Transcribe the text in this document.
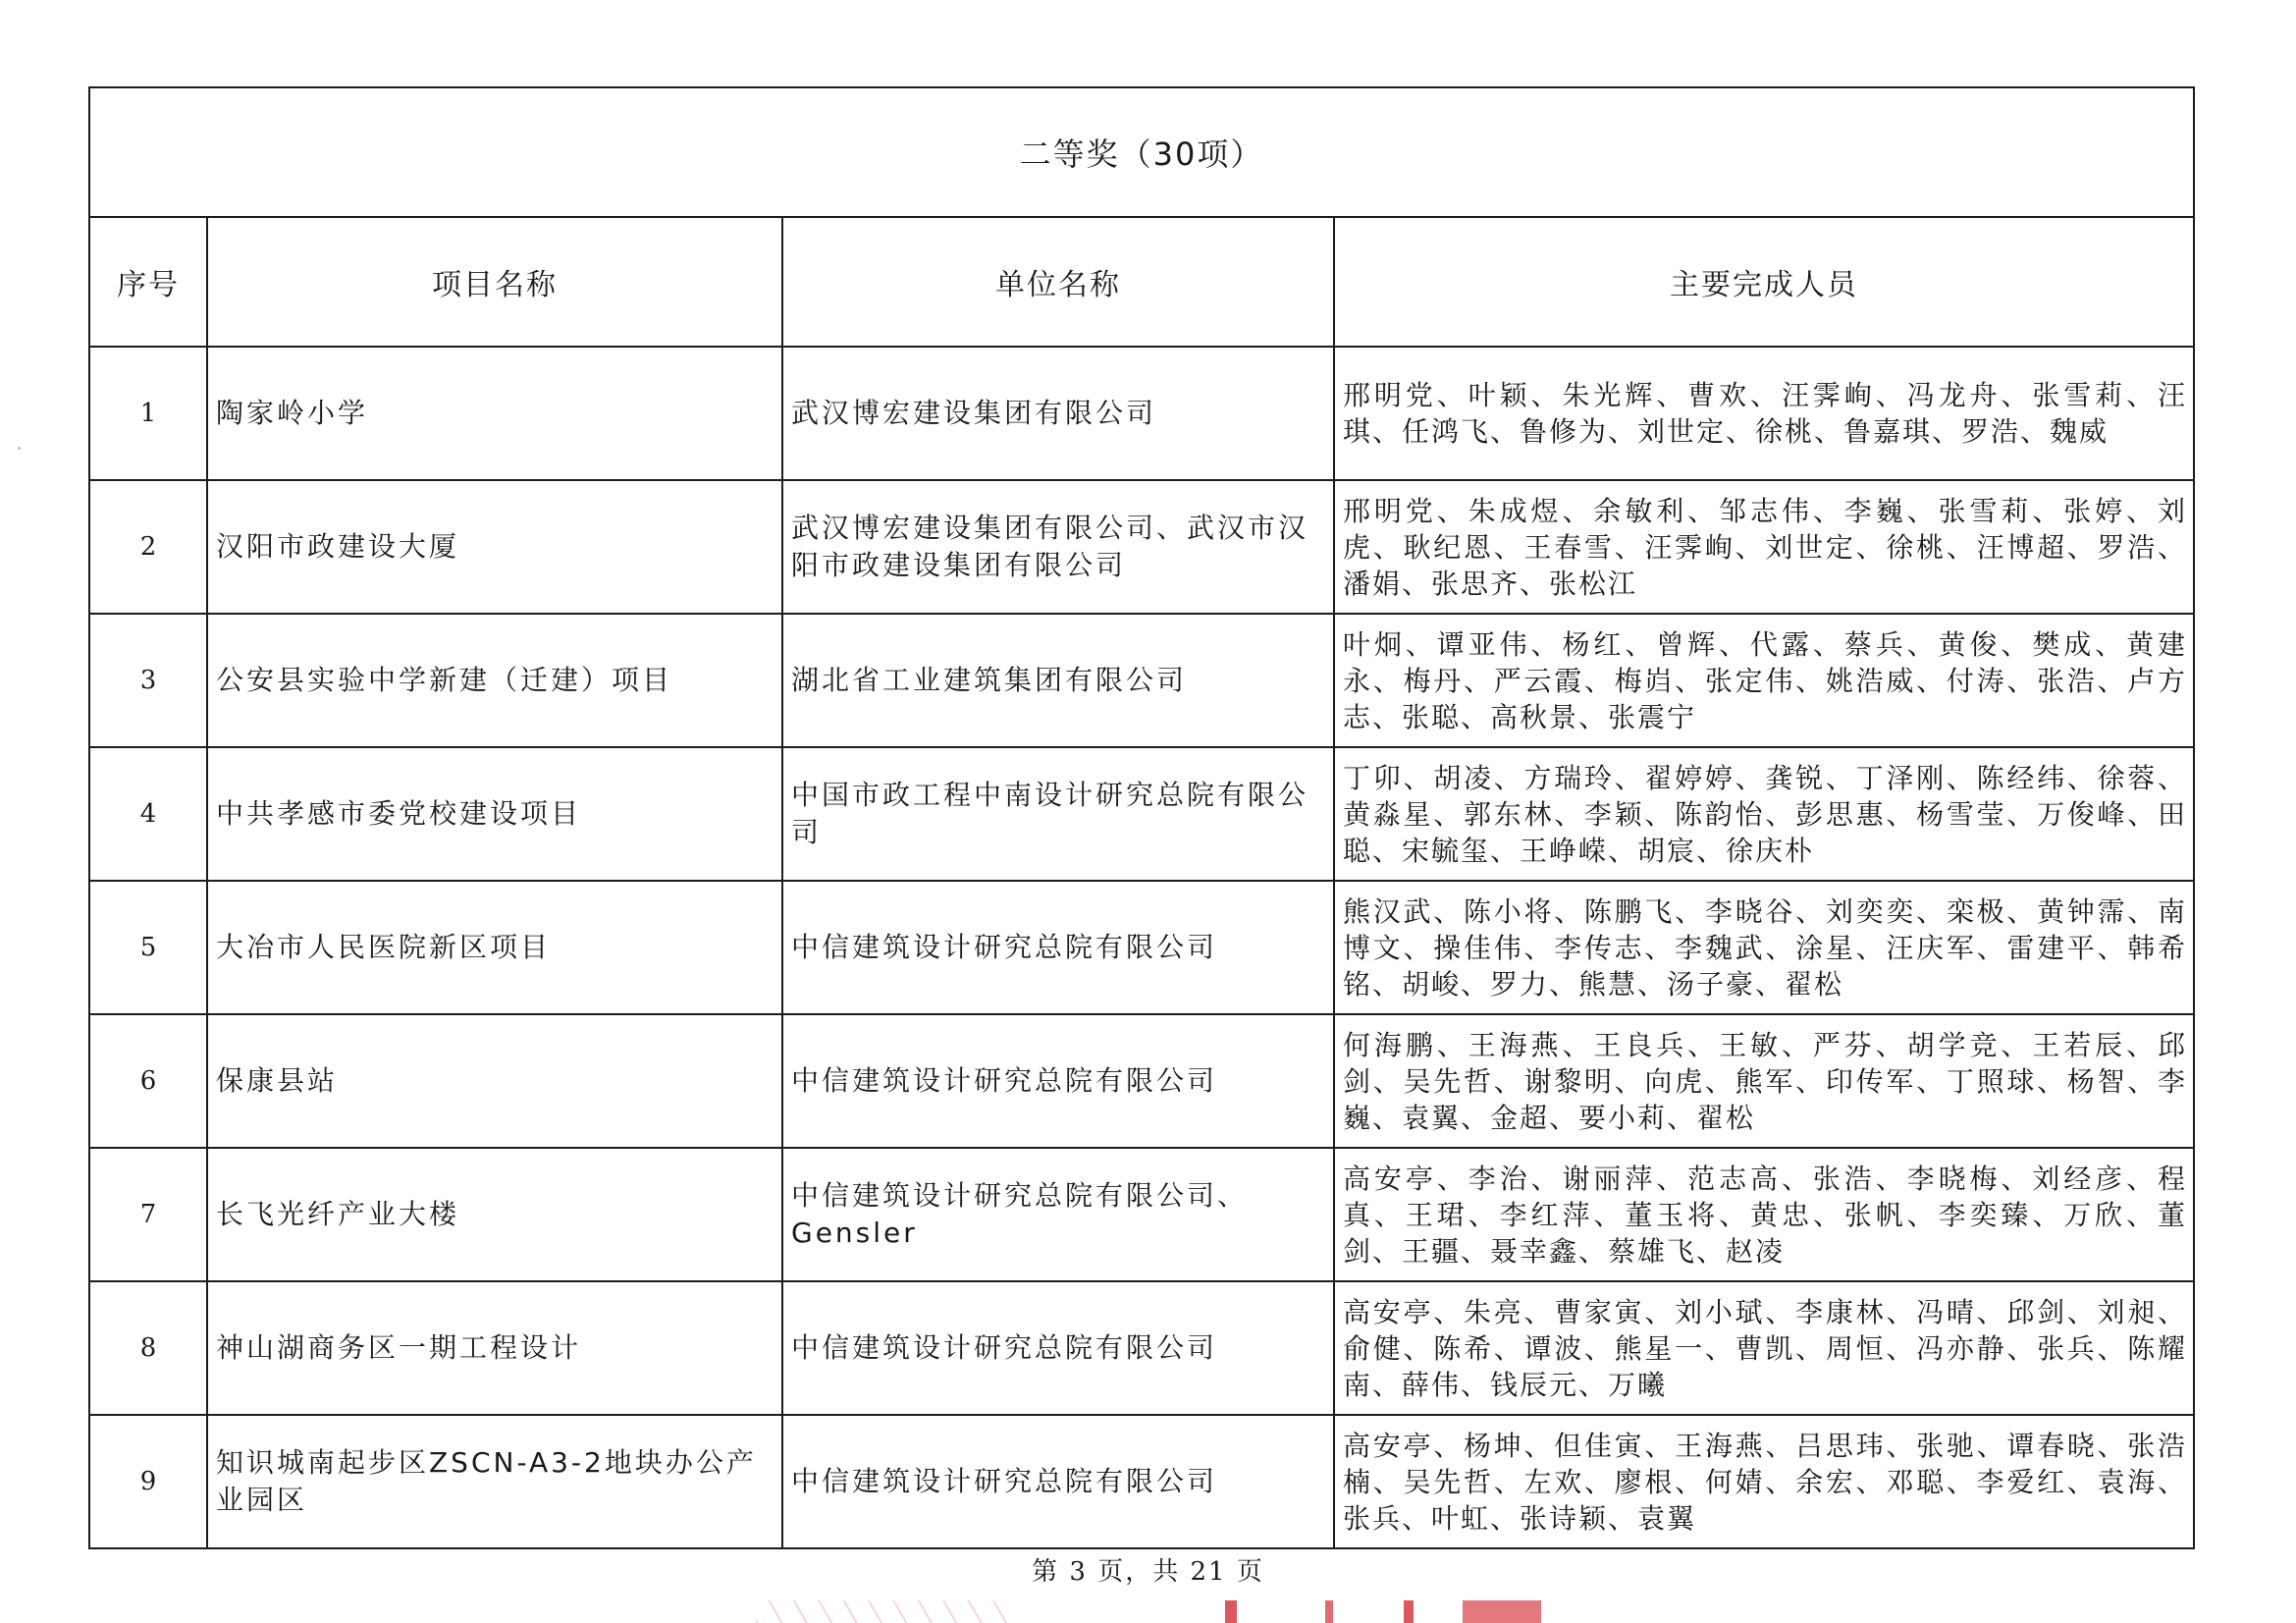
二等奖（30项）			
序号	项目名称	单位名称	主要完成人员
1	陶家岭小学	武汉博宏建设集团有限公司	邢明党、叶颖、朱光辉、曹欢、汪霁峋、冯龙舟、张雪莉、汪琪、任鸿飞、鲁修为、刘世定、徐桃、鲁嘉琪、罗浩、魏威
2	汉阳市政建设大厦	武汉博宏建设集团有限公司、武汉市汉阳市政建设集团有限公司	邢明党、朱成煜、余敏利、邹志伟、李巍、张雪莉、张婷、刘虎、耿纪恩、王春雪、汪霁峋、刘世定、徐桃、汪博超、罗浩、潘娟、张思齐、张松江
3	公安县实验中学新建（迁建）项目	湖北省工业建筑集团有限公司	叶炯、谭亚伟、杨红、曾辉、代露、蔡兵、黄俊、樊成、黄建永、梅丹、严云霞、梅岿、张定伟、姚浩威、付涛、张浩、卢方志、张聪、高秋景、张震宁
4	中共孝感市委党校建设项目	中国市政工程中南设计研究总院有限公司	丁卯、胡凌、方瑞玲、翟婷婷、龚锐、丁泽刚、陈经纬、徐蓉、黄淼星、郭东林、李颖、陈韵怡、彭思惠、杨雪莹、万俊峰、田聪、宋毓玺、王峥嵘、胡宸、徐庆朴
5	大冶市人民医院新区项目	中信建筑设计研究总院有限公司	熊汉武、陈小将、陈鹏飞、李晓谷、刘奕奕、栾极、黄钟霈、南博文、操佳伟、李传志、李魏武、涂星、汪庆军、雷建平、韩希铭、胡峻、罗力、熊慧、汤子豪、翟松
6	保康县站	中信建筑设计研究总院有限公司	何海鹏、王海燕、王良兵、王敏、严芬、胡学竞、王若辰、邱剑、吴先哲、谢黎明、向虎、熊军、印传军、丁照球、杨智、李巍、袁翼、金超、要小莉、翟松
7	长飞光纤产业大楼	中信建筑设计研究总院有限公司、Gensler	高安亭、李治、谢丽萍、范志高、张浩、李晓梅、刘经彦、程真、王珺、李红萍、董玉将、黄忠、张帆、李奕臻、万欣、董剑、王疆、聂幸鑫、蔡雄飞、赵凌
8	神山湖商务区一期工程设计	中信建筑设计研究总院有限公司	高安亭、朱亮、曹家寅、刘小珷、李康林、冯晴、邱剑、刘昶、俞健、陈希、谭波、熊星一、曹凯、周恒、冯亦静、张兵、陈耀南、薛伟、钱辰元、万曦
9	知识城南起步区ZSCN-A3-2地块办公产业园区	中信建筑设计研究总院有限公司	高安亭、杨坤、但佳寅、王海燕、吕思玮、张驰、谭春晓、张浩楠、吴先哲、左欢、廖根、何婧、余宏、邓聪、李爱红、袁海、张兵、叶虹、张诗颖、袁翼
第 3 页，共 21 页
